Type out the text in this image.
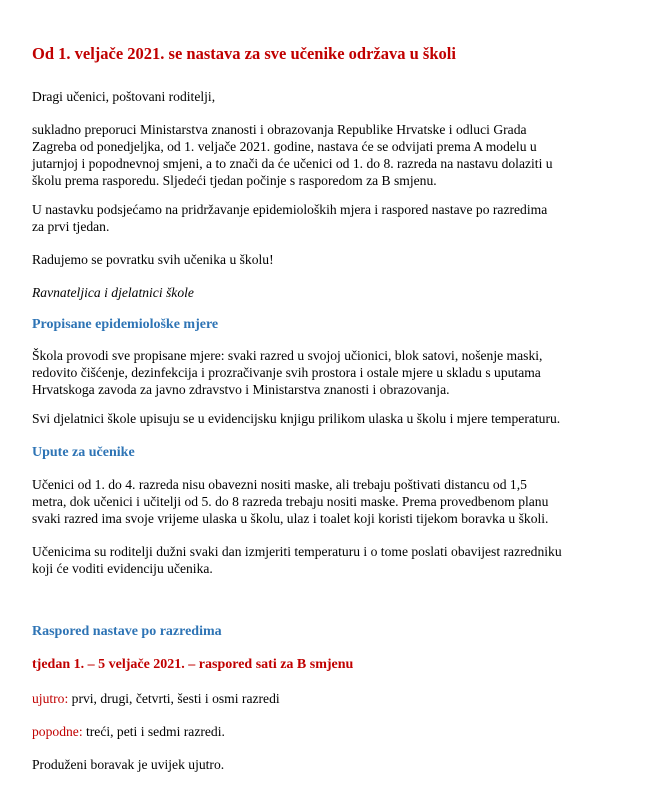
Od 1. veljače 2021. se nastava za sve učenike održava u školi

Dragi učenici, poštovani roditelji,

sukladno preporuci Ministarstva znanosti i obrazovanja Republike Hrvatske i odluci Grada
Zagreba od ponedjeljka, od 1. veljače 2021. godine, nastava će se odvijati prema A modelu u
jutarnjoj i popodnevnoj smjeni, a to znači da će učenici od 1. do 8. razreda na nastavu dolaziti u
školu prema rasporedu. Sljedeći tjedan počinje s rasporedom za B smjenu.

U nastavku podsjećamo na pridržavanje epidemioloških mjera i raspored nastave po razredima
za prvi tjedan.

Radujemo se povratku svih učenika u školu!

Ravnateljica i djelatnici škole

Propisane epidemiološke mjere

Škola provodi sve propisane mjere: svaki razred u svojoj učionici, blok satovi, nošenje maski,
redovito čišćenje, dezinfekcija i prozračivanje svih prostora i ostale mjere u skladu s uputama
Hrvatskoga zavoda za javno zdravstvo i Ministarstva znanosti i obrazovanja.

Svi djelatnici škole upisuju se u evidencijsku knjigu prilikom ulaska u školu i mjere temperaturu.

Upute za učenike

Učenici od 1. do 4. razreda nisu obavezni nositi maske, ali trebaju poštivati distancu od 1,5
metra, dok učenici i učitelji od 5. do 8 razreda trebaju nositi maske. Prema provedbenom planu
svaki razred ima svoje vrijeme ulaska u školu, ulaz i toalet koji koristi tijekom boravka u školi.

Učenicima su roditelji dužni svaki dan izmjeriti temperaturu i o tome poslati obavijest razredniku
koji će voditi evidenciju učenika.

Raspored nastave po razredima
tjedan 1. – 5 veljače 2021. – raspored sati za B smjenu

ujutro: prvi, drugi, četvrti, šesti i osmi razredi

popodne: treći, peti i sedmi razredi.

Produženi boravak je uvijek ujutro.
